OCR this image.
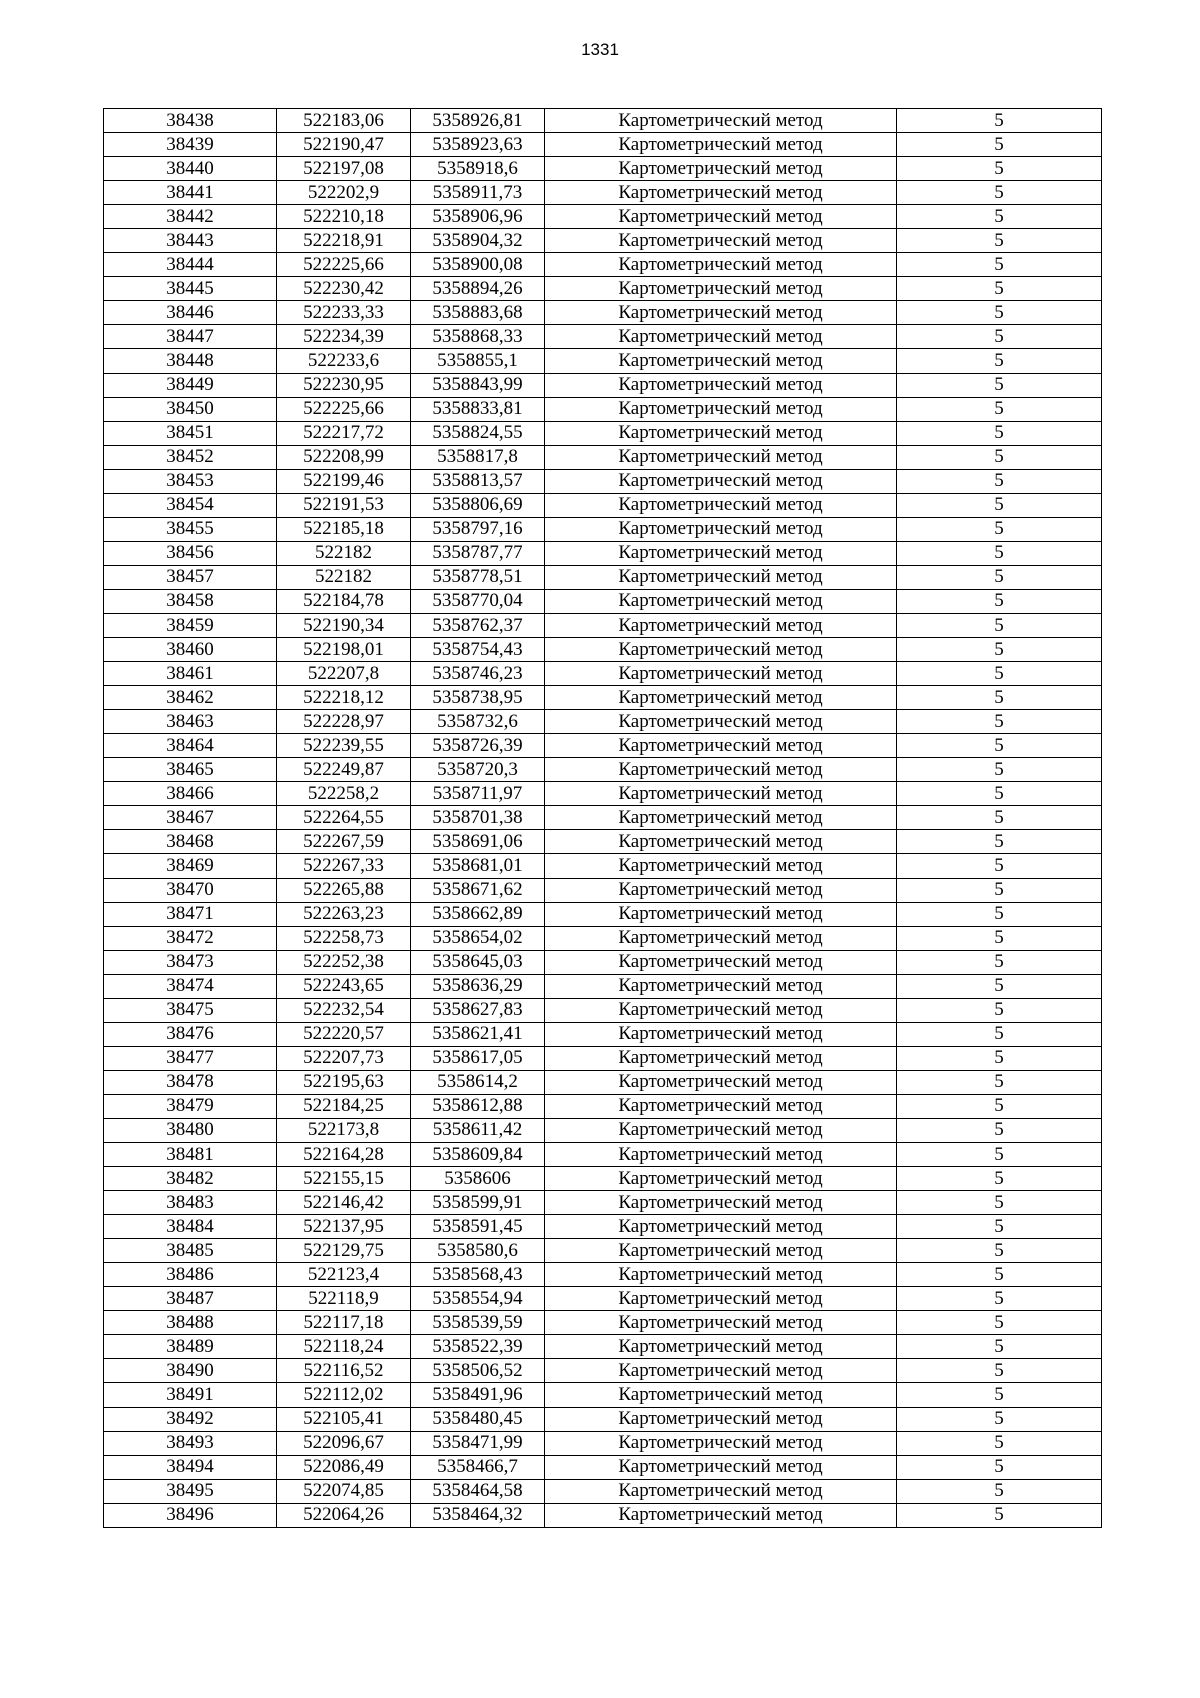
1331
38438	522183,06	5358926,81	Картометрический метод	5
38439	522190,47	5358923,63	Картометрический метод	5
38440	522197,08	5358918,6	Картометрический метод	5
38441	522202,9	5358911,73	Картометрический метод	5
38442	522210,18	5358906,96	Картометрический метод	5
38443	522218,91	5358904,32	Картометрический метод	5
38444	522225,66	5358900,08	Картометрический метод	5
38445	522230,42	5358894,26	Картометрический метод	5
38446	522233,33	5358883,68	Картометрический метод	5
38447	522234,39	5358868,33	Картометрический метод	5
38448	522233,6	5358855,1	Картометрический метод	5
38449	522230,95	5358843,99	Картометрический метод	5
38450	522225,66	5358833,81	Картометрический метод	5
38451	522217,72	5358824,55	Картометрический метод	5
38452	522208,99	5358817,8	Картометрический метод	5
38453	522199,46	5358813,57	Картометрический метод	5
38454	522191,53	5358806,69	Картометрический метод	5
38455	522185,18	5358797,16	Картометрический метод	5
38456	522182	5358787,77	Картометрический метод	5
38457	522182	5358778,51	Картометрический метод	5
38458	522184,78	5358770,04	Картометрический метод	5
38459	522190,34	5358762,37	Картометрический метод	5
38460	522198,01	5358754,43	Картометрический метод	5
38461	522207,8	5358746,23	Картометрический метод	5
38462	522218,12	5358738,95	Картометрический метод	5
38463	522228,97	5358732,6	Картометрический метод	5
38464	522239,55	5358726,39	Картометрический метод	5
38465	522249,87	5358720,3	Картометрический метод	5
38466	522258,2	5358711,97	Картометрический метод	5
38467	522264,55	5358701,38	Картометрический метод	5
38468	522267,59	5358691,06	Картометрический метод	5
38469	522267,33	5358681,01	Картометрический метод	5
38470	522265,88	5358671,62	Картометрический метод	5
38471	522263,23	5358662,89	Картометрический метод	5
38472	522258,73	5358654,02	Картометрический метод	5
38473	522252,38	5358645,03	Картометрический метод	5
38474	522243,65	5358636,29	Картометрический метод	5
38475	522232,54	5358627,83	Картометрический метод	5
38476	522220,57	5358621,41	Картометрический метод	5
38477	522207,73	5358617,05	Картометрический метод	5
38478	522195,63	5358614,2	Картометрический метод	5
38479	522184,25	5358612,88	Картометрический метод	5
38480	522173,8	5358611,42	Картометрический метод	5
38481	522164,28	5358609,84	Картометрический метод	5
38482	522155,15	5358606	Картометрический метод	5
38483	522146,42	5358599,91	Картометрический метод	5
38484	522137,95	5358591,45	Картометрический метод	5
38485	522129,75	5358580,6	Картометрический метод	5
38486	522123,4	5358568,43	Картометрический метод	5
38487	522118,9	5358554,94	Картометрический метод	5
38488	522117,18	5358539,59	Картометрический метод	5
38489	522118,24	5358522,39	Картометрический метод	5
38490	522116,52	5358506,52	Картометрический метод	5
38491	522112,02	5358491,96	Картометрический метод	5
38492	522105,41	5358480,45	Картометрический метод	5
38493	522096,67	5358471,99	Картометрический метод	5
38494	522086,49	5358466,7	Картометрический метод	5
38495	522074,85	5358464,58	Картометрический метод	5
38496	522064,26	5358464,32	Картометрический метод	5
